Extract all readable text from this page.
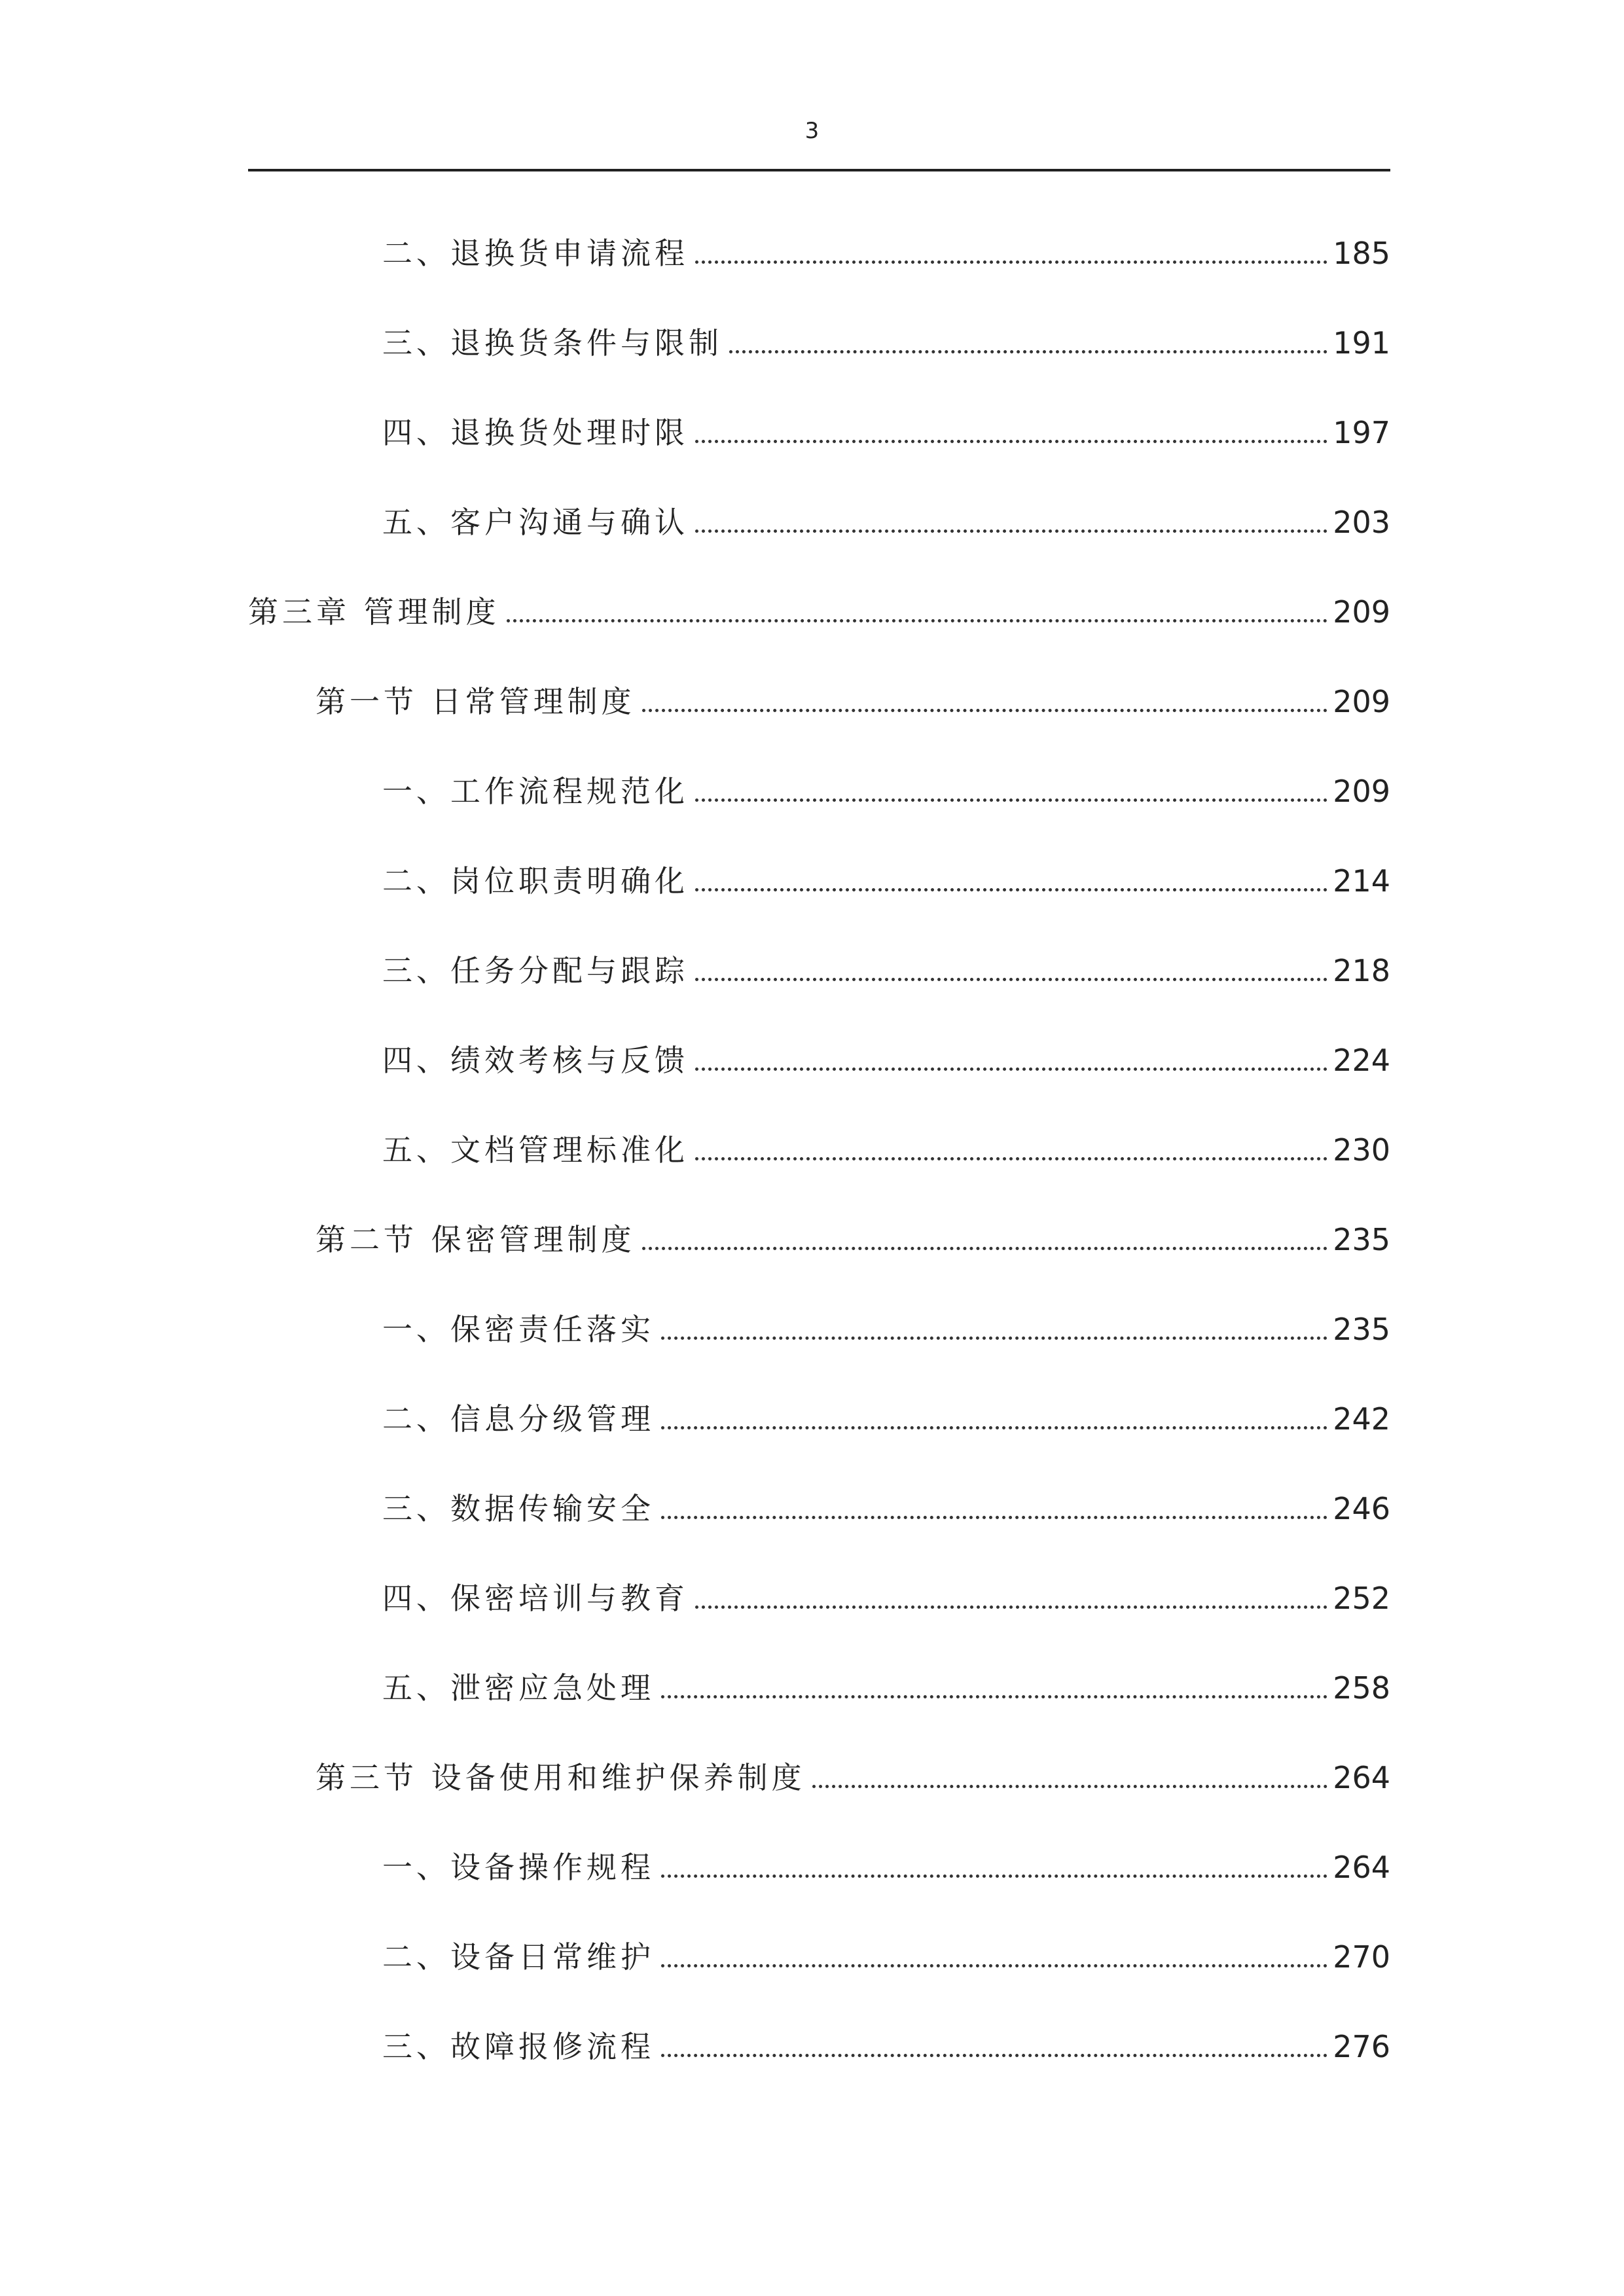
3
二、退换货申请流程	185
三、退换货条件与限制	191
四、退换货处理时限	197
五、客户沟通与确认	203
第三章 管理制度	209
第一节 日常管理制度	209
一、工作流程规范化	209
二、岗位职责明确化	214
三、任务分配与跟踪	218
四、绩效考核与反馈	224
五、文档管理标准化	230
第二节 保密管理制度	235
一、保密责任落实	235
二、信息分级管理	242
三、数据传输安全	246
四、保密培训与教育	252
五、泄密应急处理	258
第三节 设备使用和维护保养制度	264
一、设备操作规程	264
二、设备日常维护	270
三、故障报修流程	276
